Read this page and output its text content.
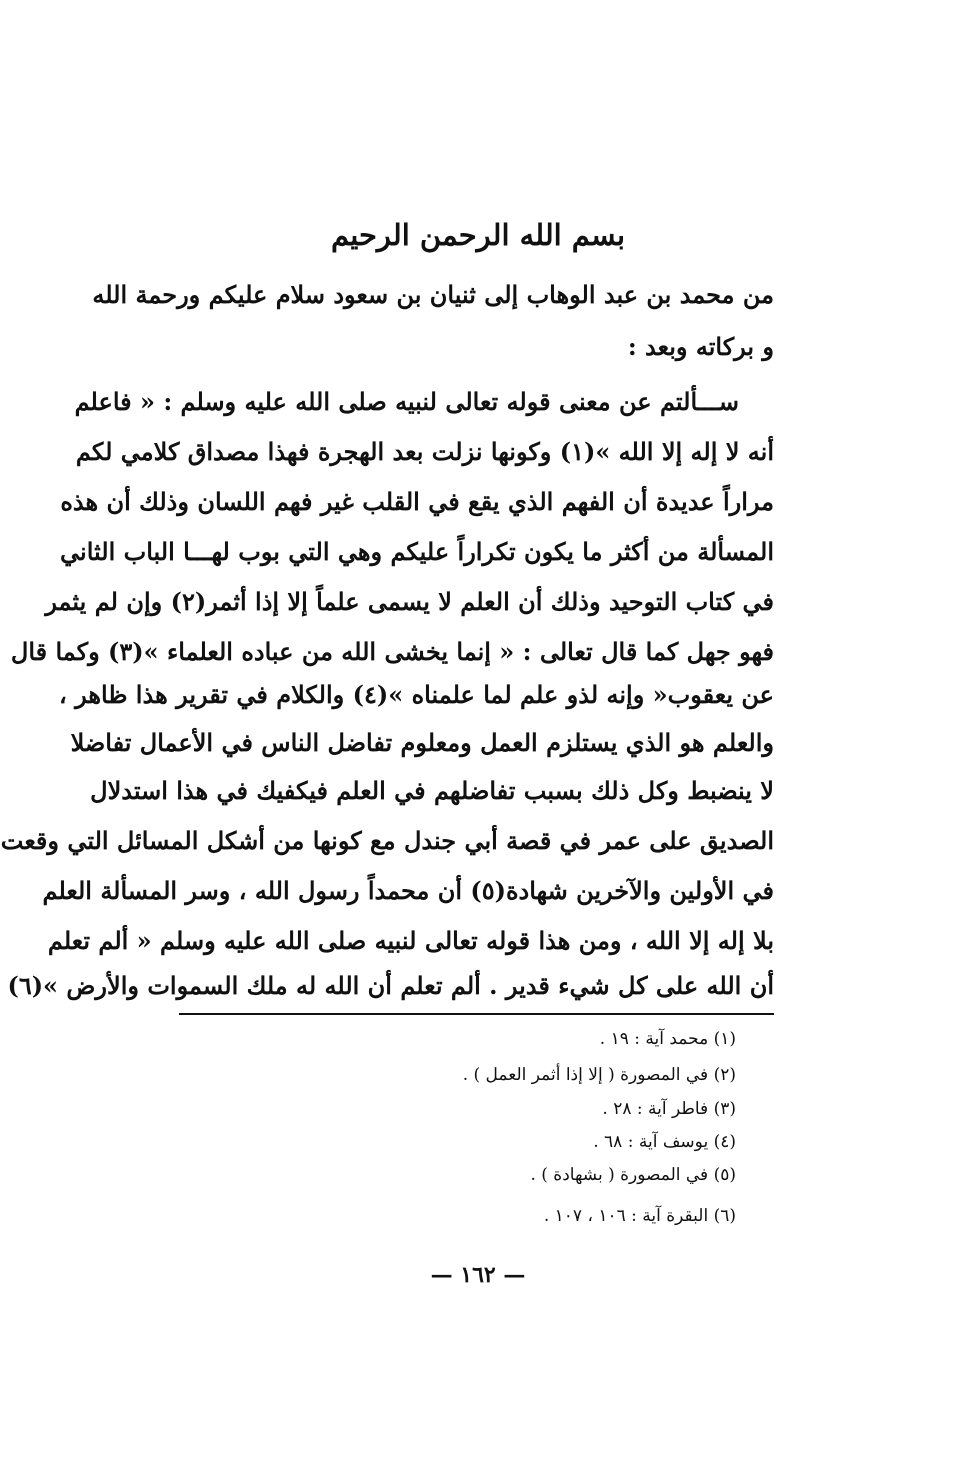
بسم الله الرحمن الرحيم
من محمد بن عبد الوهاب إلى ثنيان بن سعود سلام عليكم ورحمة الله
و بركاته وبعد :
ســـألتم عن معنى قوله تعالى لنبيه صلى الله عليه وسلم : « فاعلم
أنه لا إله إلا الله »(١) وكونها نزلت بعد الهجرة فهذا مصداق كلامي لكم
مراراً عديدة أن الفهم الذي يقع في القلب غير فهم اللسان وذلك أن هذه
المسألة من أكثر ما يكون تكراراً عليكم وهي التي بوب لهـــا الباب الثاني
في كتاب التوحيد وذلك أن العلم لا يسمى علماً إلا إذا أثمر(٢) وإن لم يثمر
فهو جهل كما قال تعالى : « إنما يخشى الله من عباده العلماء »(٣) وكما قال
عن يعقوب« وإنه لذو علم لما علمناه »(٤) والكلام في تقرير هذا ظاهر ،
والعلم هو الذي يستلزم العمل ومعلوم تفاضل الناس في الأعمال تفاضلا
لا ينضبط وكل ذلك بسبب تفاضلهم في العلم فيكفيك في هذا استدلال
الصديق على عمر في قصة أبي جندل مع كونها من أشكل المسائل التي وقعت
في الأولين والآخرين شهادة(٥) أن محمداً رسول الله ، وسر المسألة العلم
بلا إله إلا الله ، ومن هذا قوله تعالى لنبيه صلى الله عليه وسلم « ألم تعلم
أن الله على كل شيء قدير . ألم تعلم أن الله له ملك السموات والأرض »(٦)
(١) محمد آية : ١٩ .
(٢) في المصورة ( إلا إذا أثمر العمل ) .
(٣) فاطر آية : ٢٨ .
(٤) يوسف آية : ٦٨ .
(٥) في المصورة ( بشهادة ) .
(٦) البقرة آية : ١٠٦ ، ١٠٧ .
— ١٦٢ —
